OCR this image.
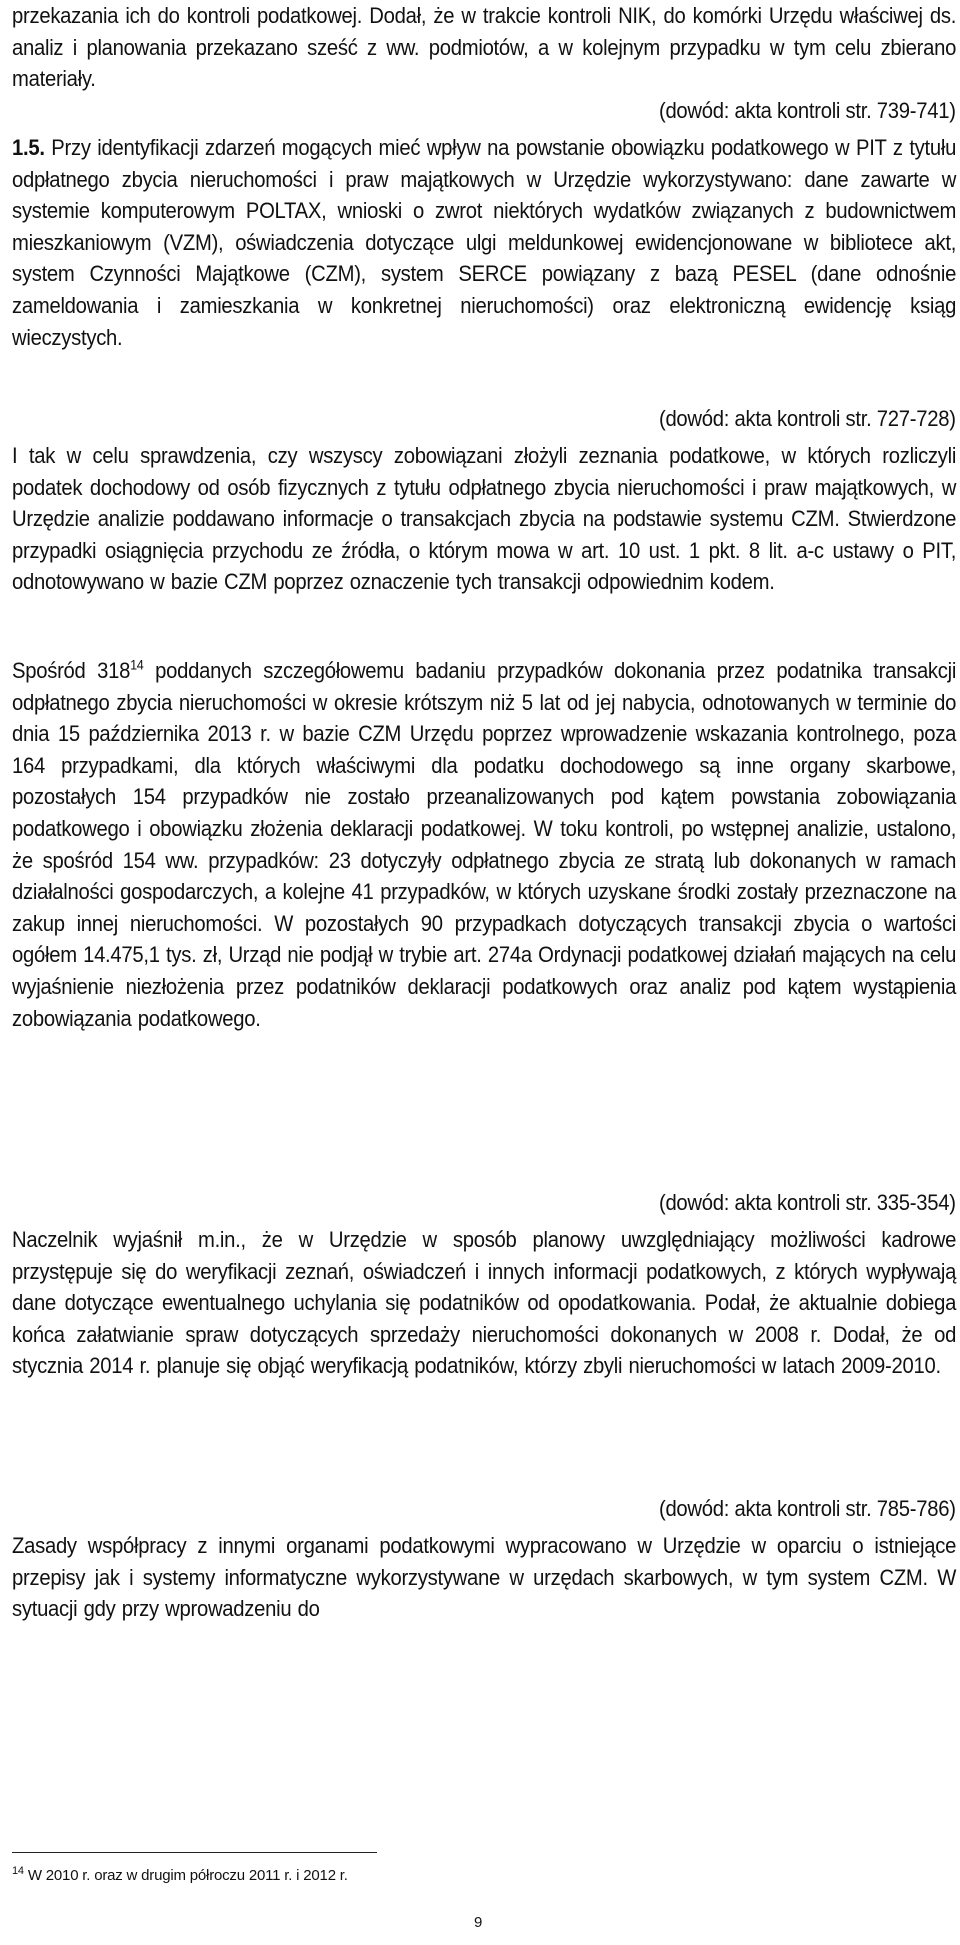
przekazania ich do kontroli podatkowej. Dodał, że w trakcie kontroli NIK, do komórki Urzędu właściwej ds. analiz i planowania przekazano sześć z ww. podmiotów, a w kolejnym przypadku w tym celu zbierano materiały.
(dowód: akta kontroli str. 739-741)
1.5. Przy identyfikacji zdarzeń mogących mieć wpływ na powstanie obowiązku podatkowego w PIT z tytułu odpłatnego zbycia nieruchomości i praw majątkowych w Urzędzie wykorzystywano: dane zawarte w systemie komputerowym POLTAX, wnioski o zwrot niektórych wydatków związanych z budownictwem mieszkaniowym (VZM), oświadczenia dotyczące ulgi meldunkowej ewidencjonowane w bibliotece akt, system Czynności Majątkowe (CZM), system SERCE powiązany z bazą PESEL (dane odnośnie zameldowania i zamieszkania w konkretnej nieruchomości) oraz elektroniczną ewidencję ksiąg wieczystych.
(dowód: akta kontroli str. 727-728)
I tak w celu sprawdzenia, czy wszyscy zobowiązani złożyli zeznania podatkowe, w których rozliczyli podatek dochodowy od osób fizycznych z tytułu odpłatnego zbycia nieruchomości i praw majątkowych, w Urzędzie analizie poddawano informacje o transakcjach zbycia na podstawie systemu CZM. Stwierdzone przypadki osiągnięcia przychodu ze źródła, o którym mowa w art. 10 ust. 1 pkt. 8 lit. a-c ustawy o PIT, odnotowywano w bazie CZM poprzez oznaczenie tych transakcji odpowiednim kodem.
Spośród 318$^{14}$ poddanych szczegółowemu badaniu przypadków dokonania przez podatnika transakcji odpłatnego zbycia nieruchomości w okresie krótszym niż 5 lat od jej nabycia, odnotowanych w terminie do dnia 15 października 2013 r. w bazie CZM Urzędu poprzez wprowadzenie wskazania kontrolnego, poza 164 przypadkami, dla których właściwymi dla podatku dochodowego są inne organy skarbowe, pozostałych 154 przypadków nie zostało przeanalizowanych pod kątem powstania zobowiązania podatkowego i obowiązku złożenia deklaracji podatkowej. W toku kontroli, po wstępnej analizie, ustalono, że spośród 154 ww. przypadków: 23 dotyczyły odpłatnego zbycia ze stratą lub dokonanych w ramach działalności gospodarczych, a kolejne 41 przypadków, w których uzyskane środki zostały przeznaczone na zakup innej nieruchomości. W pozostałych 90 przypadkach dotyczących transakcji zbycia o wartości ogółem 14.475,1 tys. zł, Urząd nie podjął w trybie art. 274a Ordynacji podatkowej działań mających na celu wyjaśnienie niezłożenia przez podatników deklaracji podatkowych oraz analiz pod kątem wystąpienia zobowiązania podatkowego.
(dowód: akta kontroli str. 335-354)
Naczelnik wyjaśnił m.in., że w Urzędzie w sposób planowy uwzględniający możliwości kadrowe przystępuje się do weryfikacji zeznań, oświadczeń i innych informacji podatkowych, z których wypływają dane dotyczące ewentualnego uchylania się podatników od opodatkowania. Podał, że aktualnie dobiega końca załatwianie spraw dotyczących sprzedaży nieruchomości dokonanych w 2008 r. Dodał, że od stycznia 2014 r. planuje się objąć weryfikacją podatników, którzy zbyli nieruchomości w latach 2009-2010.
(dowód: akta kontroli str. 785-786)
Zasady współpracy z innymi organami podatkowymi wypracowano w Urzędzie w oparciu o istniejące przepisy jak i systemy informatyczne wykorzystywane w urzędach skarbowych, w tym system CZM. W sytuacji gdy przy wprowadzeniu do
$^{14}$ W 2010 r. oraz w drugim półroczu 2011 r. i 2012 r.
9
